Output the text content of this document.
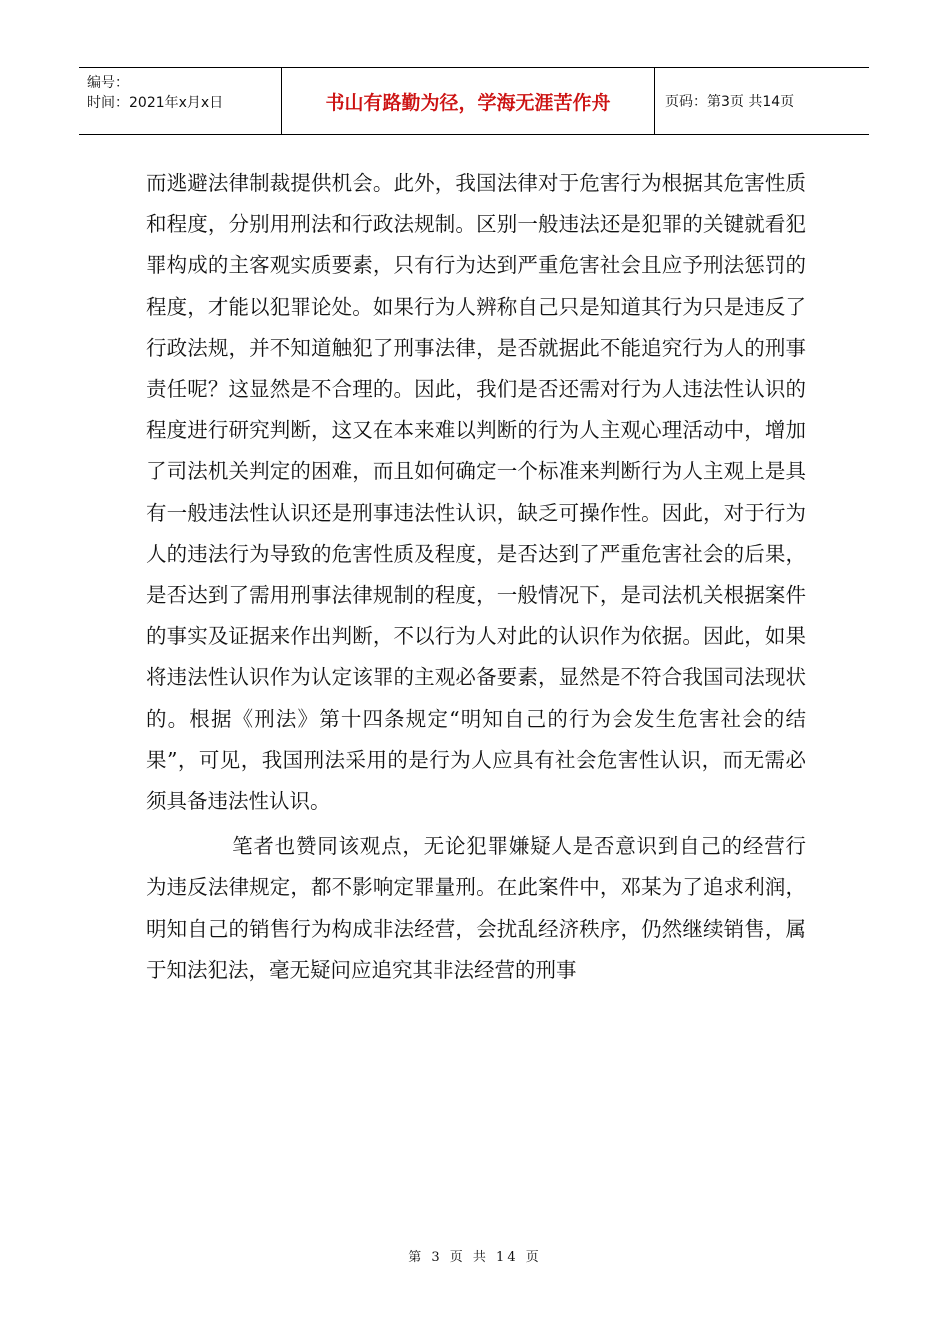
编号：
时间：2021年x月x日	书山有路勤为径，学海无涯苦作舟	页码：第3页 共14页

而逃避法律制裁提供机会。此外，我国法律对于危害行为根据其危害性质和程度，分别用刑法和行政法规制。区别一般违法还是犯罪的关键就看犯罪构成的主客观实质要素，只有行为达到严重危害社会且应予刑法惩罚的程度，才能以犯罪论处。如果行为人辨称自己只是知道其行为只是违反了行政法规，并不知道触犯了刑事法律，是否就据此不能追究行为人的刑事责任呢？这显然是不合理的。因此，我们是否还需对行为人违法性认识的程度进行研究判断，这又在本来难以判断的行为人主观心理活动中，增加了司法机关判定的困难，而且如何确定一个标准来判断行为人主观上是具有一般违法性认识还是刑事违法性认识，缺乏可操作性。因此，对于行为人的违法行为导致的危害性质及程度，是否达到了严重危害社会的后果，是否达到了需用刑事法律规制的程度，一般情况下，是司法机关根据案件的事实及证据来作出判断，不以行为人对此的认识作为依据。因此，如果将违法性认识作为认定该罪的主观必备要素，显然是不符合我国司法现状的。根据《刑法》第十四条规定“明知自己的行为会发生危害社会的结果”，可见，我国刑法采用的是行为人应具有社会危害性认识，而无需必须具备违法性认识。

笔者也赞同该观点，无论犯罪嫌疑人是否意识到自己的经营行为违反法律规定，都不影响定罪量刑。在此案件中，邓某为了追求利润，明知自己的销售行为构成非法经营，会扰乱经济秩序，仍然继续销售，属于知法犯法，毫无疑问应追究其非法经营的刑事

第 3 页 共 14 页
